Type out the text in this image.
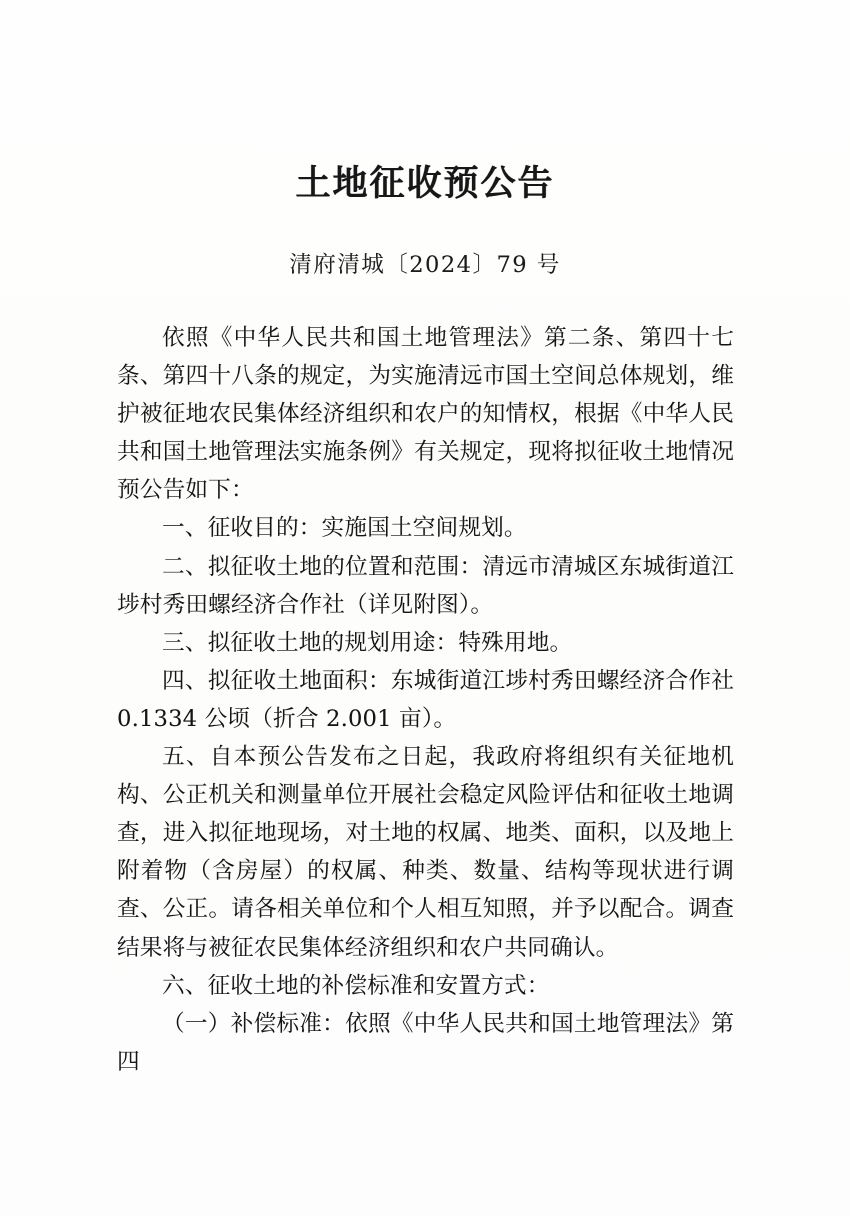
土地征收预公告
清府清城〔2024〕79 号

依照《中华人民共和国土地管理法》第二条、第四十七条、第四十八条的规定，为实施清远市国土空间总体规划，维护被征地农民集体经济组织和农户的知情权，根据《中华人民共和国土地管理法实施条例》有关规定，现将拟征收土地情况预公告如下：

一、征收目的：实施国土空间规划。

二、拟征收土地的位置和范围：清远市清城区东城街道江埗村秀田螺经济合作社（详见附图）。

三、拟征收土地的规划用途：特殊用地。

四、拟征收土地面积：东城街道江埗村秀田螺经济合作社0.1334 公顷（折合 2.001 亩）。

五、自本预公告发布之日起，我政府将组织有关征地机构、公正机关和测量单位开展社会稳定风险评估和征收土地调查，进入拟征地现场，对土地的权属、地类、面积，以及地上附着物（含房屋）的权属、种类、数量、结构等现状进行调查、公正。请各相关单位和个人相互知照，并予以配合。调查结果将与被征农民集体经济组织和农户共同确认。

六、征收土地的补偿标准和安置方式：

（一）补偿标准：依照《中华人民共和国土地管理法》第四
